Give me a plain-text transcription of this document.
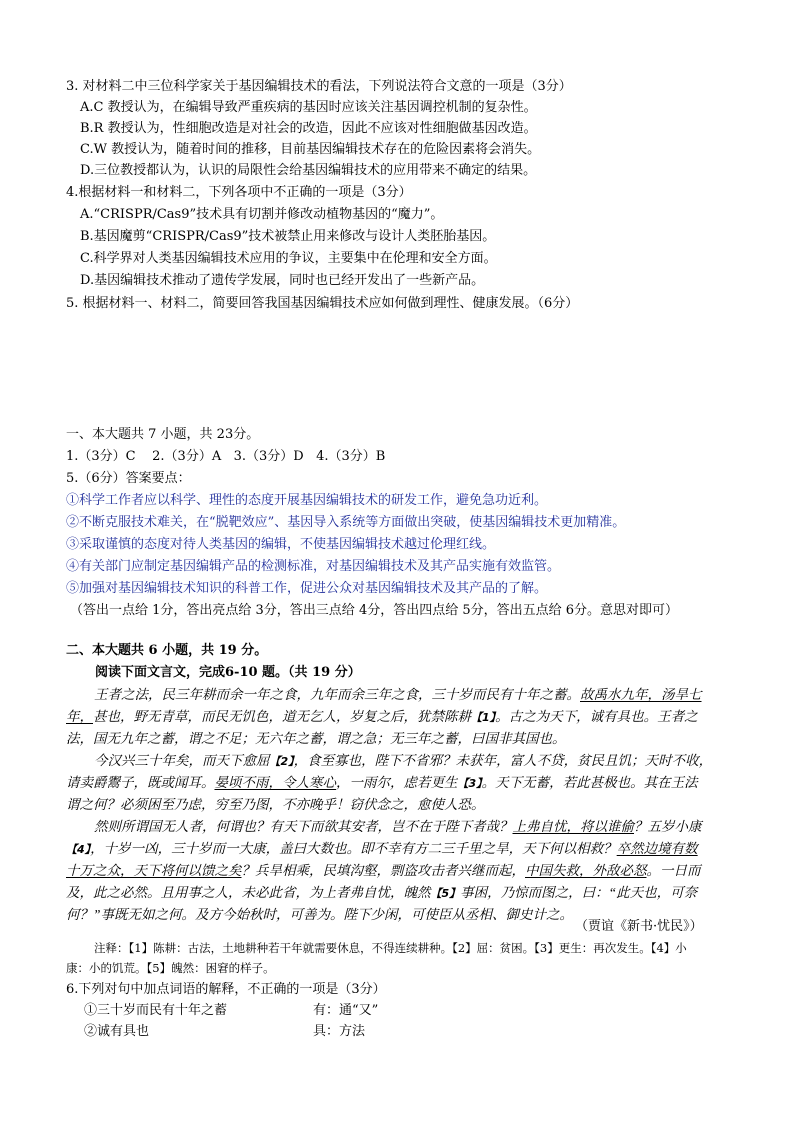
3. 对材料二中三位科学家关于基因编辑技术的看法，下列说法符合文意的一项是（3分）
A.C 教授认为，在编辑导致严重疾病的基因时应该关注基因调控机制的复杂性。
B.R 教授认为，性细胞改造是对社会的改造，因此不应该对性细胞做基因改造。
C.W 教授认为，随着时间的推移，目前基因编辑技术存在的危险因素将会消失。
D.三位教授都认为，认识的局限性会给基因编辑技术的应用带来不确定的结果。
4.根据材料一和材料二，下列各项中不正确的一项是（3分）
A.“CRISPR/Cas9”技术具有切割并修改动植物基因的“魔力”。
B.基因魔剪“CRISPR/Cas9”技术被禁止用来修改与设计人类胚胎基因。
C.科学界对人类基因编辑技术应用的争议，主要集中在伦理和安全方面。
D.基因编辑技术推动了遗传学发展，同时也已经开发出了一些新产品。
5. 根据材料一、材料二，简要回答我国基因编辑技术应如何做到理性、健康发展。（6分）
一、本大题共 7 小题，共 23分。
1.（3分）C    2.（3分）A   3.（3分）D   4.（3分）B
5.（6分）答案要点：
①科学工作者应以科学、理性的态度开展基因编辑技术的研发工作，避免急功近利。
②不断克服技术难关，在“脱靶效应”、基因导入系统等方面做出突破，使基因编辑技术更加精准。
③采取谨慎的态度对待人类基因的编辑，不使基因编辑技术越过伦理红线。
④有关部门应制定基因编辑产品的检测标准，对基因编辑技术及其产品实施有效监管。
⑤加强对基因编辑技术知识的科普工作，促进公众对基因编辑技术及其产品的了解。
（答出一点给 1分，答出亮点给 3分，答出三点给 4分，答出四点给 5分，答出五点给 6分。意思对即可）
二、本大题共 6 小题，共 19 分。
阅读下面文言文，完成6-10 题。（共 19 分）
王者之法，民三年耕而余一年之食，九年而余三年之食，三十岁而民有十年之蓄。故禹水九年，汤旱七
年，甚也，野无青草，而民无饥色，道无乞人，岁复之后，犹禁陈耕【1】。古之为天下，诚有具也。王者之
法，国无九年之蓄，谓之不足；无六年之蓄，谓之急；无三年之蓄，曰国非其国也。
今汉兴三十年矣，而天下愈屈【2】，食至寡也，陛下不省邪？未获年，富人不贷，贫民且饥；天时不收，
请卖爵鬻子，既或闻耳。晏顷不雨，令人寒心，一雨尔，虑若更生【3】。天下无蓄，若此甚极也。其在王法
谓之何？必须困至乃虑，穷至乃图，不亦晚乎！窃伏念之，愈使人恐。
然则所谓国无人者，何谓也？有天下而欲其安者，岂不在于陛下者哉？上弗自忧，将以谁偷？五岁小康
【4】，十岁一凶，三十岁而一大康，盖曰大数也。即不幸有方二三千里之旱，天下何以相救？卒然边境有数
十万之众，天下将何以馈之矣？兵旱相乘，民填沟壑，剽盗攻击者兴继而起，中国失救，外敌必怒。一日而
及，此之必然。且用事之人，未必此省，为上者弗自忧，魄然【5】事困，乃惊而图之，曰：“此天也，可奈
何？”事既无如之何。及方今始秋时，可善为。陛下少闲，可使臣从丞相、御史计之。
（贾谊《新书·忧民》）
注释：【1】陈耕：古法，土地耕种若干年就需要休息，不得连续耕种。【2】屈：贫困。【3】更生：再次发生。【4】小
康：小的饥荒。【5】魄然：困窘的样子。
6.下列对句中加点词语的解释，不正确的一项是（3分）
①三十岁而民有十年之蓄	有：通“又”
②诚有具也	具：方法
